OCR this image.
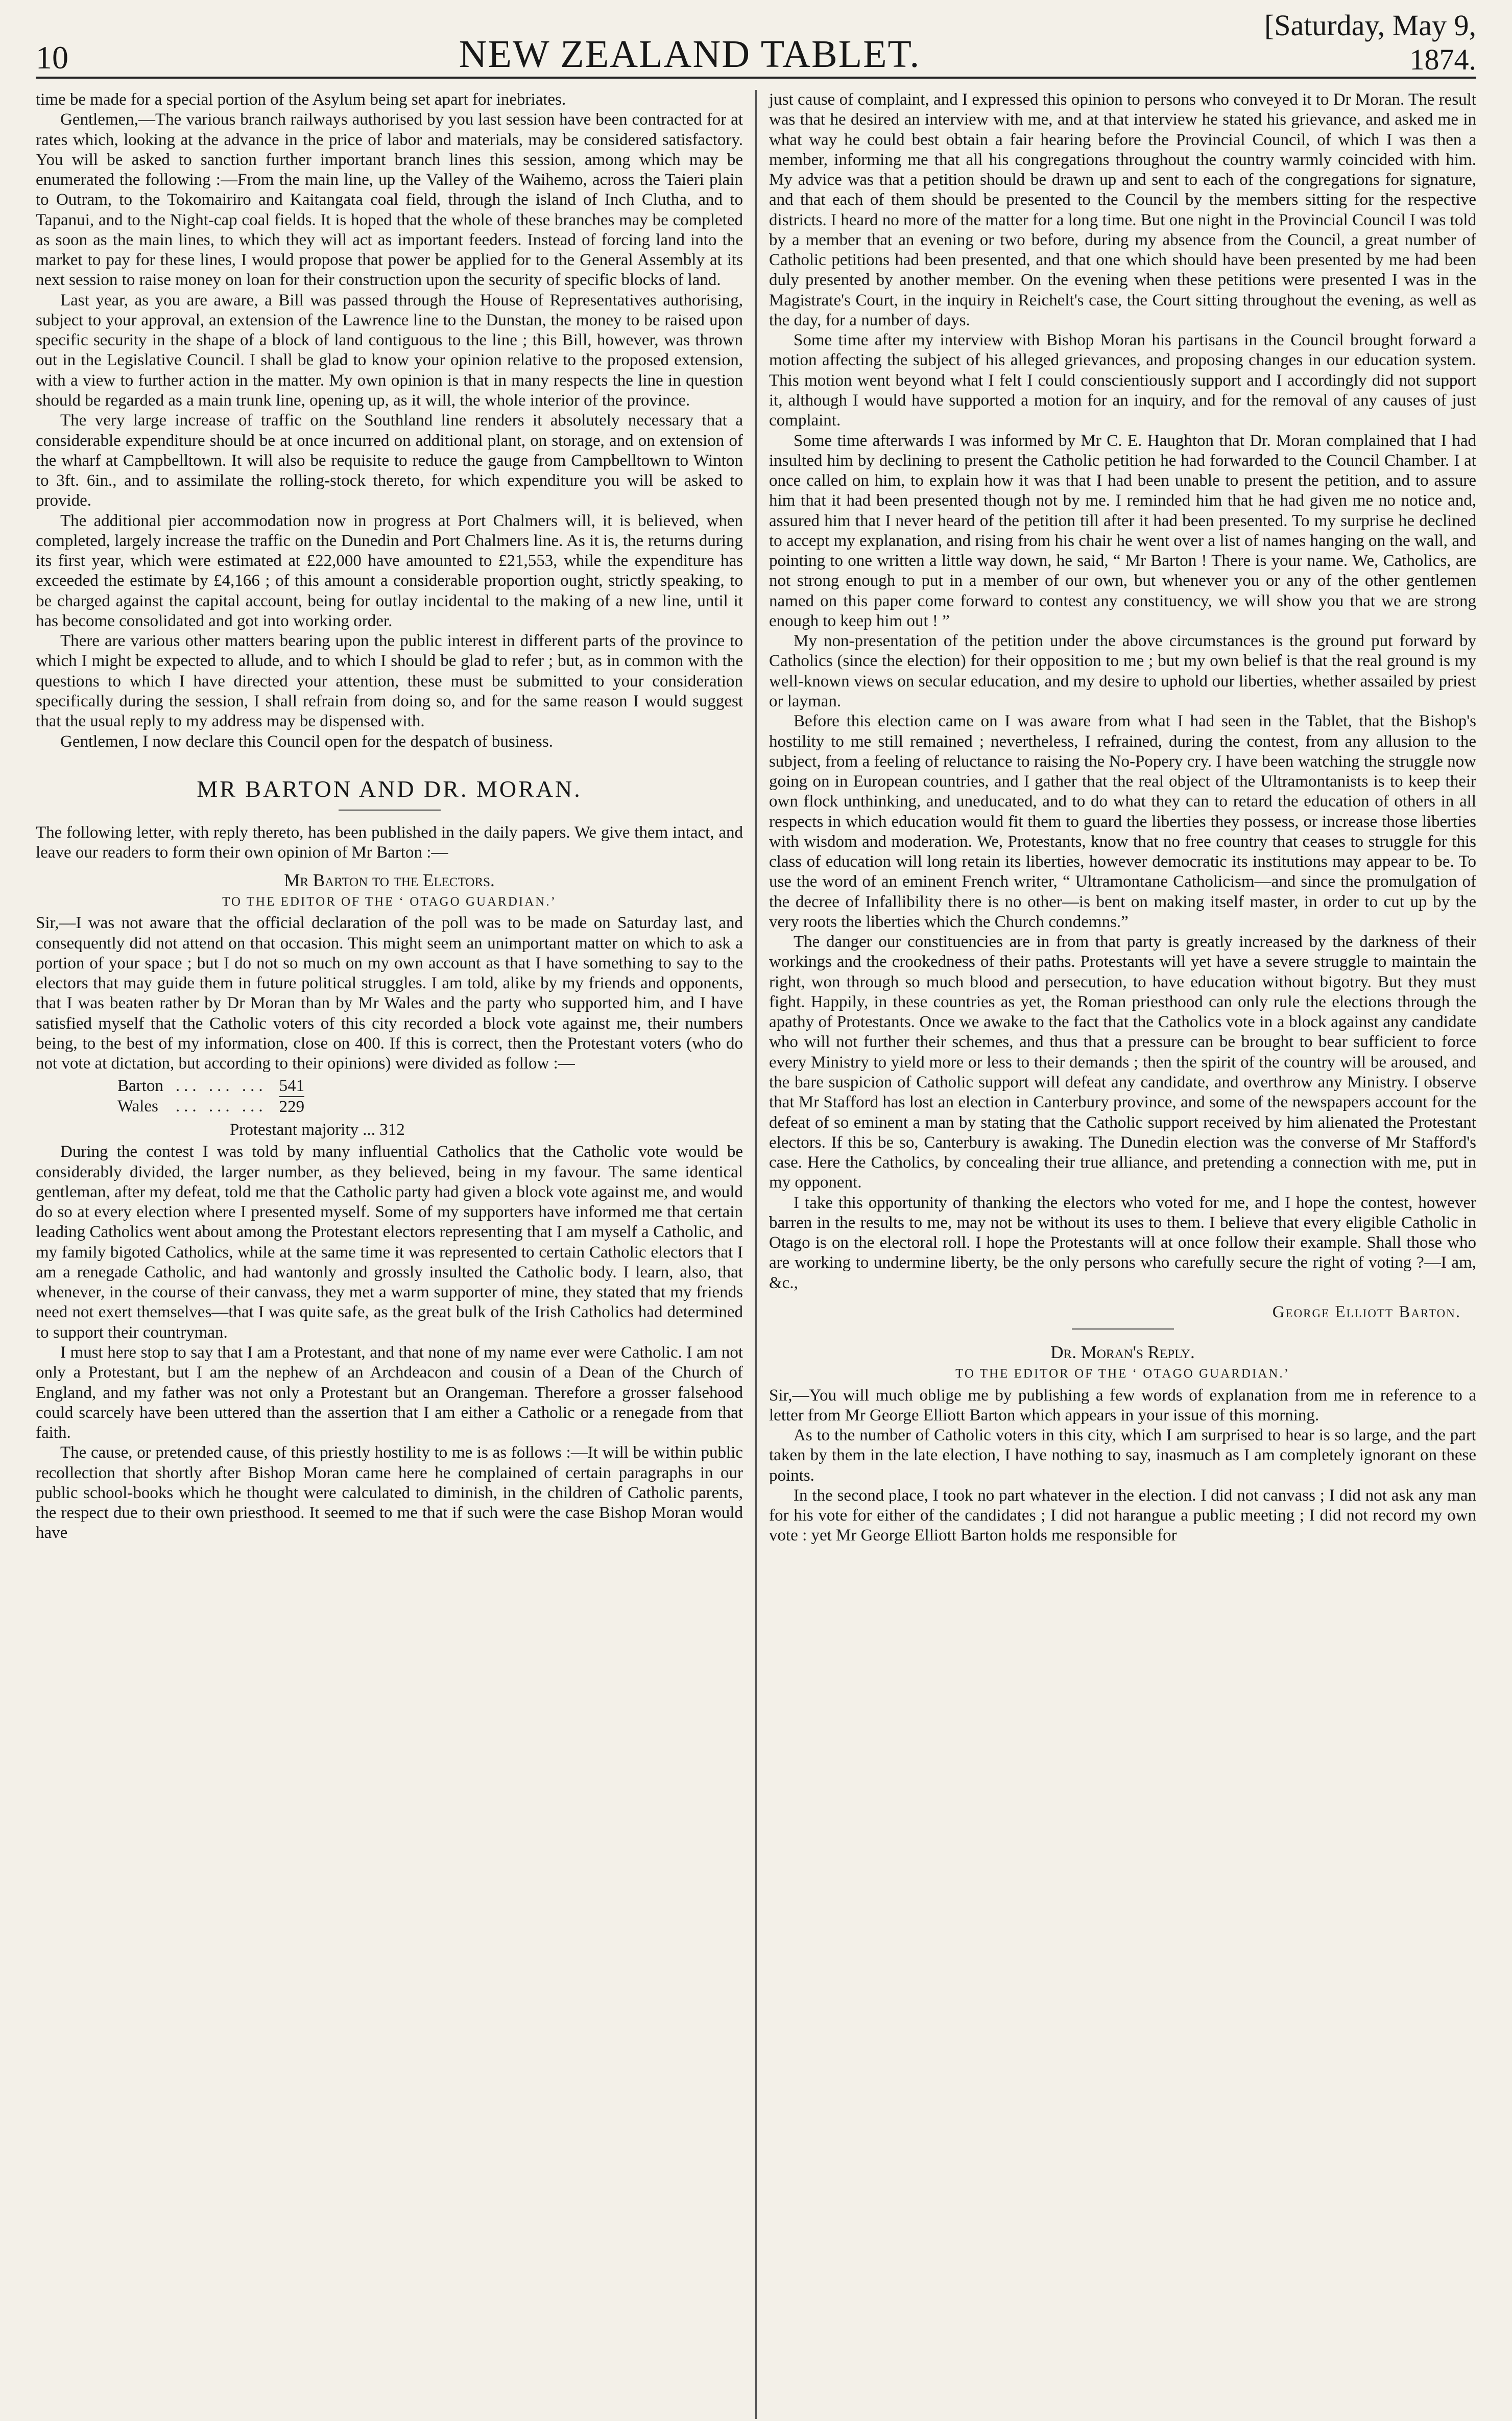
10	NEW ZEALAND TABLET.
[Saturday, May 9, 1874.

time be made for a special portion of the Asylum being set apart for inebriates.

Gentlemen,—The various branch railways authorised by you last session have been contracted for at rates which, looking at the advance in the price of labor and materials, may be considered satisfactory. You will be asked to sanction further important branch lines this session, among which may be enumerated the following :—From the main line, up the Valley of the Waihemo, across the Taieri plain to Outram, to the Tokomairiro and Kaitangata coal field, through the island of Inch Clutha, and to Tapanui, and to the Night-cap coal fields. It is hoped that the whole of these branches may be completed as soon as the main lines, to which they will act as important feeders. Instead of forcing land into the market to pay for these lines, I would propose that power be applied for to the General Assembly at its next session to raise money on loan for their construction upon the security of specific blocks of land.

Last year, as you are aware, a Bill was passed through the House of Representatives authorising, subject to your approval, an extension of the Lawrence line to the Dunstan, the money to be raised upon specific security in the shape of a block of land contiguous to the line ; this Bill, however, was thrown out in the Legislative Council. I shall be glad to know your opinion relative to the proposed extension, with a view to further action in the matter. My own opinion is that in many respects the line in question should be regarded as a main trunk line, opening up, as it will, the whole interior of the province.

The very large increase of traffic on the Southland line renders it absolutely necessary that a considerable expenditure should be at once incurred on additional plant, on storage, and on extension of the wharf at Campbelltown. It will also be requisite to reduce the gauge from Campbelltown to Winton to 3ft. 6in., and to assimilate the rolling-stock thereto, for which expenditure you will be asked to provide.

The additional pier accommodation now in progress at Port Chalmers will, it is believed, when completed, largely increase the traffic on the Dunedin and Port Chalmers line. As it is, the returns during its first year, which were estimated at £22,000 have amounted to £21,553, while the expenditure has exceeded the estimate by £4,166 ; of this amount a considerable proportion ought, strictly speaking, to be charged against the capital account, being for outlay incidental to the making of a new line, until it has become consolidated and got into working order.

There are various other matters bearing upon the public interest in different parts of the province to which I might be expected to allude, and to which I should be glad to refer ; but, as in common with the questions to which I have directed your attention, these must be submitted to your consideration specifically during the session, I shall refrain from doing so, and for the same reason I would suggest that the usual reply to my address may be dispensed with.

Gentlemen, I now declare this Council open for the despatch of business.

MR BARTON AND DR. MORAN.

The following letter, with reply thereto, has been published in the daily papers. We give them intact, and leave our readers to form their own opinion of Mr Barton :—

Mr Barton to the Electors.
TO THE EDITOR OF THE ‘ OTAGO GUARDIAN.’

Sir,—I was not aware that the official declaration of the poll was to be made on Saturday last, and consequently did not attend on that occasion. This might seem an unimportant matter on which to ask a portion of your space ; but I do not so much on my own account as that I have something to say to the electors that may guide them in future political struggles. I am told, alike by my friends and opponents, that I was beaten rather by Dr Moran than by Mr Wales and the party who supported him, and I have satisfied myself that the Catholic voters of this city recorded a block vote against me, their numbers being, to the best of my information, close on 400. If this is correct, then the Protestant voters (who do not vote at dictation, but according to their opinions) were divided as follow :—

Barton	... ... ...	541
Wales	... ... ...	229
Protestant majority ... 312

During the contest I was told by many influential Catholics that the Catholic vote would be considerably divided, the larger number, as they believed, being in my favour. The same identical gentleman, after my defeat, told me that the Catholic party had given a block vote against me, and would do so at every election where I presented myself. Some of my supporters have informed me that certain leading Catholics went about among the Protestant electors representing that I am myself a Catholic, and my family bigoted Catholics, while at the same time it was represented to certain Catholic electors that I am a renegade Catholic, and had wantonly and grossly insulted the Catholic body. I learn, also, that whenever, in the course of their canvass, they met a warm supporter of mine, they stated that my friends need not exert themselves—that I was quite safe, as the great bulk of the Irish Catholics had determined to support their countryman.

I must here stop to say that I am a Protestant, and that none of my name ever were Catholic. I am not only a Protestant, but I am the nephew of an Archdeacon and cousin of a Dean of the Church of England, and my father was not only a Protestant but an Orangeman. Therefore a grosser falsehood could scarcely have been uttered than the assertion that I am either a Catholic or a renegade from that faith.

The cause, or pretended cause, of this priestly hostility to me is as follows :—It will be within public recollection that shortly after Bishop Moran came here he complained of certain paragraphs in our public school-books which he thought were calculated to diminish, in the children of Catholic parents, the respect due to their own priesthood. It seemed to me that if such were the case Bishop Moran would have

just cause of complaint, and I expressed this opinion to persons who conveyed it to Dr Moran. The result was that he desired an interview with me, and at that interview he stated his grievance, and asked me in what way he could best obtain a fair hearing before the Provincial Council, of which I was then a member, informing me that all his congregations throughout the country warmly coincided with him. My advice was that a petition should be drawn up and sent to each of the congregations for signature, and that each of them should be presented to the Council by the members sitting for the respective districts. I heard no more of the matter for a long time. But one night in the Provincial Council I was told by a member that an evening or two before, during my absence from the Council, a great number of Catholic petitions had been presented, and that one which should have been presented by me had been duly presented by another member. On the evening when these petitions were presented I was in the Magistrate's Court, in the inquiry in Reichelt's case, the Court sitting throughout the evening, as well as the day, for a number of days.

Some time after my interview with Bishop Moran his partisans in the Council brought forward a motion affecting the subject of his alleged grievances, and proposing changes in our education system. This motion went beyond what I felt I could conscientiously support and I accordingly did not support it, although I would have supported a motion for an inquiry, and for the removal of any causes of just complaint.

Some time afterwards I was informed by Mr C. E. Haughton that Dr. Moran complained that I had insulted him by declining to present the Catholic petition he had forwarded to the Council Chamber. I at once called on him, to explain how it was that I had been unable to present the petition, and to assure him that it had been presented though not by me. I reminded him that he had given me no notice and, assured him that I never heard of the petition till after it had been presented. To my surprise he declined to accept my explanation, and rising from his chair he went over a list of names hanging on the wall, and pointing to one written a little way down, he said, “ Mr Barton ! There is your name. We, Catholics, are not strong enough to put in a member of our own, but whenever you or any of the other gentlemen named on this paper come forward to contest any constituency, we will show you that we are strong enough to keep him out ! ”

My non-presentation of the petition under the above circumstances is the ground put forward by Catholics (since the election) for their opposition to me ; but my own belief is that the real ground is my well-known views on secular education, and my desire to uphold our liberties, whether assailed by priest or layman.

Before this election came on I was aware from what I had seen in the Tablet, that the Bishop's hostility to me still remained ; nevertheless, I refrained, during the contest, from any allusion to the subject, from a feeling of reluctance to raising the No-Popery cry. I have been watching the struggle now going on in European countries, and I gather that the real object of the Ultramontanists is to keep their own flock unthinking, and uneducated, and to do what they can to retard the education of others in all respects in which education would fit them to guard the liberties they possess, or increase those liberties with wisdom and moderation. We, Protestants, know that no free country that ceases to struggle for this class of education will long retain its liberties, however democratic its institutions may appear to be. To use the word of an eminent French writer, “ Ultramontane Catholicism—and since the promulgation of the decree of Infallibility there is no other—is bent on making itself master, in order to cut up by the very roots the liberties which the Church condemns.”

The danger our constituencies are in from that party is greatly increased by the darkness of their workings and the crookedness of their paths. Protestants will yet have a severe struggle to maintain the right, won through so much blood and persecution, to have education without bigotry. But they must fight. Happily, in these countries as yet, the Roman priesthood can only rule the elections through the apathy of Protestants. Once we awake to the fact that the Catholics vote in a block against any candidate who will not further their schemes, and thus that a pressure can be brought to bear sufficient to force every Ministry to yield more or less to their demands ; then the spirit of the country will be aroused, and the bare suspicion of Catholic support will defeat any candidate, and overthrow any Ministry. I observe that Mr Stafford has lost an election in Canterbury province, and some of the newspapers account for the defeat of so eminent a man by stating that the Catholic support received by him alienated the Protestant electors. If this be so, Canterbury is awaking. The Dunedin election was the converse of Mr Stafford's case. Here the Catholics, by concealing their true alliance, and pretending a connection with me, put in my opponent.

I take this opportunity of thanking the electors who voted for me, and I hope the contest, however barren in the results to me, may not be without its uses to them. I believe that every eligible Catholic in Otago is on the electoral roll. I hope the Protestants will at once follow their example. Shall those who are working to undermine liberty, be the only persons who carefully secure the right of voting ?—I am, &c.,

George Elliott Barton.
Dr. Moran's Reply.
TO THE EDITOR OF THE ‘ OTAGO GUARDIAN.’

Sir,—You will much oblige me by publishing a few words of explanation from me in reference to a letter from Mr George Elliott Barton which appears in your issue of this morning.

As to the number of Catholic voters in this city, which I am surprised to hear is so large, and the part taken by them in the late election, I have nothing to say, inasmuch as I am completely ignorant on these points.

In the second place, I took no part whatever in the election. I did not canvass ; I did not ask any man for his vote for either of the candidates ; I did not harangue a public meeting ; I did not record my own vote : yet Mr George Elliott Barton holds me responsible for
